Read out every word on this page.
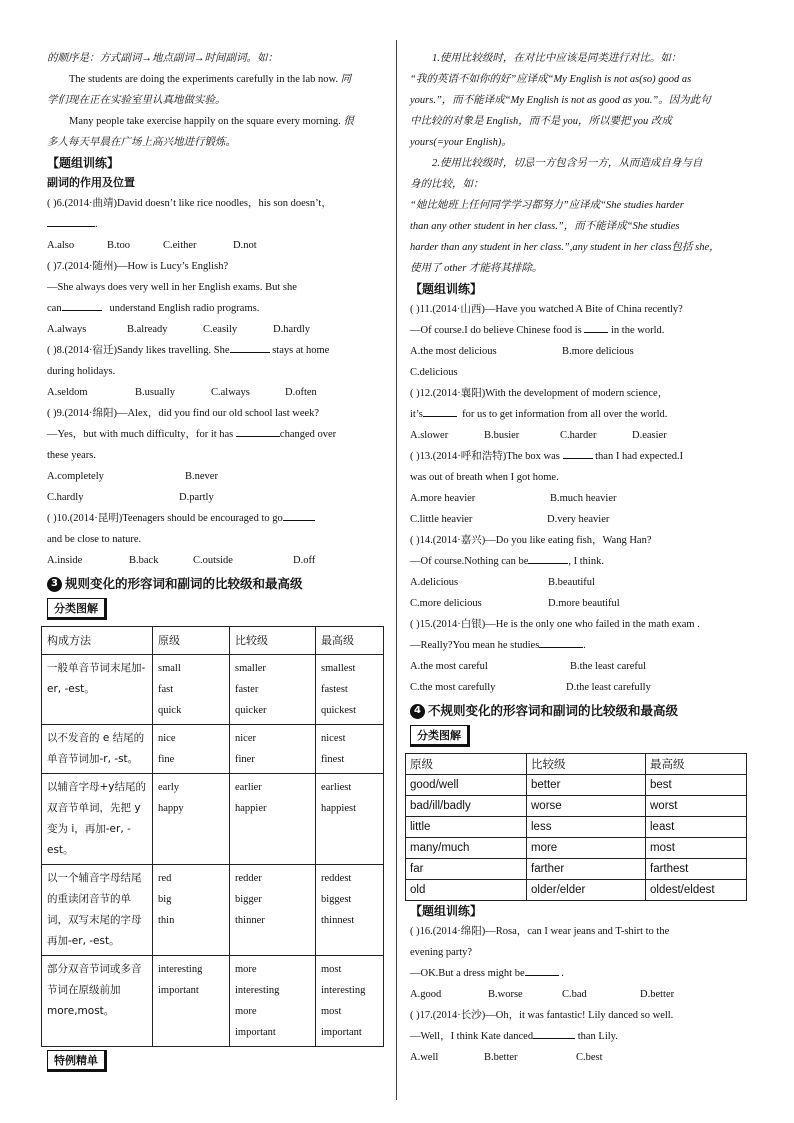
的顺序是：方式副词→地点副词→时间副词。如：

The students are doing the experiments carefully in the lab now. 同

学们现在正在实验室里认真地做实验。

Many people take exercise happily on the square every morning. 很

多人每天早晨在广场上高兴地进行锻炼。

【题组训练】

副词的作用及位置

( )6.(2014·曲靖)David doesn’t like rice noodles，his son doesn’t，

.

A.also	B.too	C.either	D.not

( )7.(2014·随州)—How is Lucy’s English?

—She always does very well in her English exams. But she

can	understand English radio programs.

A.always	B.already	C.easily	D.hardly

( )8.(2014·宿迁)Sandy likes travelling. She	stays at home

during holidays.

A.seldom	B.usually	C.always	D.often

( )9.(2014·绵阳)—Alex，did you find our old school last week?

—Yes，but with much difficulty，for it has	changed over

these years.

A.completely	B.never
C.hardly	D.partly

( )10.(2014·昆明)Teenagers should be encouraged to go

and be close to nature.

A.inside	B.back	C.outside	D.off

3 规则变化的形容词和副词的比较级和最高级

分类图解
构成方法	原级	比较级	最高级
一般单音节词末尾加-er, -est。	small
fast
quick	smaller
faster
quicker	smallest
fastest
quickest
以不发音的 e 结尾的单音节词加-r, -st。	nice
fine	nicer
finer	nicest
finest
以辅音字母+y结尾的双音节单词，先把 y 变为 i，再加-er, -est。	early
happy	earlier
happier	earliest
happiest
以一个辅音字母结尾的重读闭音节的单词，双写末尾的字母再加-er, -est。	red
big
thin	redder
bigger
thinner	reddest
biggest
thinnest
部分双音节词或多音节词在原级前加more,most。	interesting
important	more
interesting
more
important	most
interesting
most
important
特例精单

1.使用比较级时，在对比中应该是同类进行对比。如：

“我的英语不如你的好”应译成“My English is not as(so) good as

yours.”，而不能译成“My English is not as good as you.”。因为此句

中比较的对象是 English，而不是 you，所以要把 you 改成

yours(=your English)。

2.使用比较级时，切忌一方包含另一方，从而造成自身与自

身的比较，如：

“她比她班上任何同学学习都努力”应译成“She studies harder

than any other student in her class.”，而不能译成“She studies

harder than any student in her class.”,any student in her class包括 she，

使用了 other 才能将其排除。

【题组训练】

( )11.(2014·山西)—Have you watched A Bite of China recently?

—Of course.I do believe Chinese food is	in the world.

A.the most delicious	B.more delicious

C.delicious

( )12.(2014·襄阳)With the development of modern science，

it’s	for us to get information from all over the world.

A.slower	B.busier	C.harder	D.easier

( )13.(2014·呼和浩特)The box was	than I had expected.I

was out of breath when I got home.

A.more heavier	B.much heavier
C.little heavier	D.very heavier

( )14.(2014·嘉兴)—Do you like eating fish，Wang Han?

—Of course.Nothing can be	, I think.

A.delicious	B.beautiful
C.more delicious	D.more beautiful

( )15.(2014·白银)—He is the only one who failed in the math exam .

—Really?You mean he studies	.

A.the most careful	B.the least careful
C.the most carefully	D.the least carefully

4 不规则变化的形容词和副词的比较级和最高级

分类图解
原级	比较级	最高级
good/well	better	best
bad/ill/badly	worse	worst
little	less	least
many/much	more	most
far	farther	farthest
old	older/elder	oldest/eldest

【题组训练】

( )16.(2014·绵阳)—Rosa，can I wear jeans and T-shirt to the

evening party?

—OK.But a dress might be	.

A.good	B.worse	C.bad	D.better

( )17.(2014·长沙)—Oh，it was fantastic! Lily danced so well.

—Well，I think Kate danced	than Lily.

A.well	B.better	C.best
